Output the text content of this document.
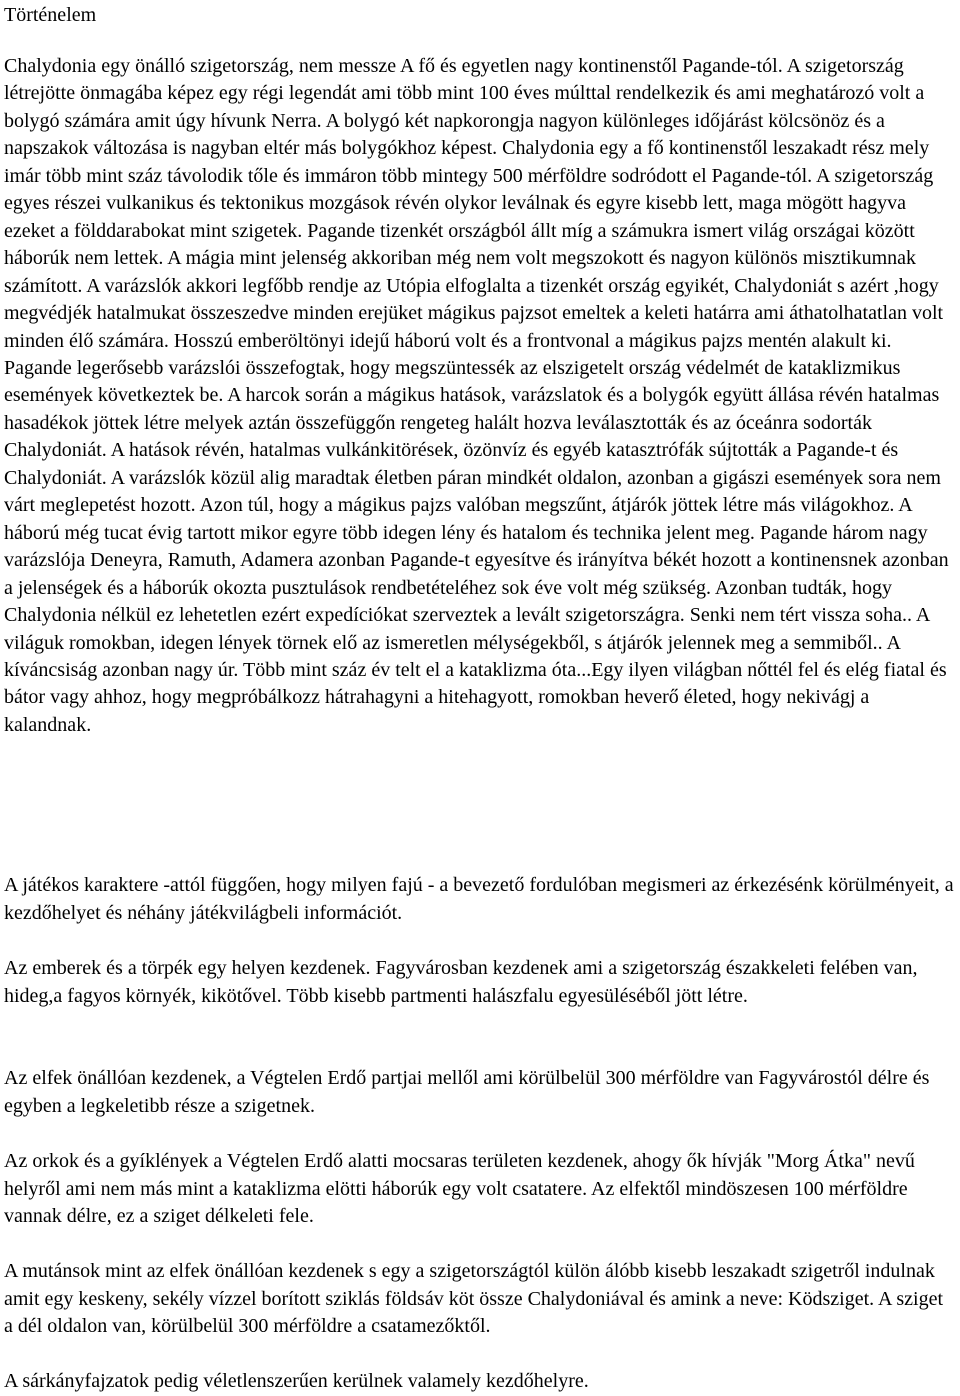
Történelem

Chalydonia egy önálló szigetország, nem messze A fő és egyetlen nagy kontinenstől Pagande-tól. A szigetország létrejötte önmagába képez egy régi legendát ami több mint 100 éves múlttal rendelkezik és ami meghatározó volt a bolygó számára amit úgy hívunk Nerra. A bolygó két napkorongja nagyon különleges időjárást kölcsönöz és a napszakok változása is nagyban eltér más bolygókhoz képest. Chalydonia egy a fő kontinenstől leszakadt rész mely imár több mint száz távolodik tőle és immáron több mintegy 500 mérföldre sodródott el Pagande-tól. A szigetország egyes részei vulkanikus és tektonikus mozgások révén olykor leválnak és egyre kisebb lett, maga mögött hagyva ezeket a földdarabokat mint szigetek. Pagande tizenkét országból állt míg a számukra ismert világ országai között háborúk nem lettek. A mágia mint jelenség akkoriban még nem volt megszokott és nagyon különös misztikumnak számított. A varázslók akkori legfőbb rendje az Utópia elfoglalta a tizenkét ország egyikét, Chalydoniát s azért ,hogy megvédjék hatalmukat összeszedve minden erejüket mágikus pajzsot emeltek a keleti határra ami áthatolhatatlan volt minden élő számára. Hosszú emberöltönyi idejű háború volt és a frontvonal a mágikus pajzs mentén alakult ki. Pagande legerősebb varázslói összefogtak, hogy megszüntessék az elszigetelt ország védelmét de kataklizmikus események következtek be. A harcok során a mágikus hatások, varázslatok és a bolygók együtt állása révén hatalmas hasadékok jöttek létre melyek aztán összefüggőn rengeteg halált hozva leválasztották és az óceánra sodorták Chalydoniát. A hatások révén, hatalmas vulkánkitörések, özönvíz és egyéb katasztrófák sújtották a Pagande-t és Chalydoniát. A varázslók közül alig maradtak életben páran mindkét oldalon, azonban a gigászi események sora nem várt meglepetést hozott. Azon túl, hogy a mágikus pajzs valóban megszűnt, átjárók jöttek létre más világokhoz. A háború még tucat évig tartott mikor egyre több idegen lény és hatalom és technika jelent meg. Pagande három nagy varázslója Deneyra, Ramuth, Adamera azonban Pagande-t egyesítve és irányítva békét hozott a kontinensnek azonban a jelenségek és a háborúk okozta pusztulások rendbetételéhez sok éve volt még szükség. Azonban tudták, hogy Chalydonia nélkül ez lehetetlen ezért expedíciókat szerveztek a levált szigetországra. Senki nem tért vissza soha.. A világuk romokban, idegen lények törnek elő az ismeretlen mélységekből, s átjárók jelennek meg a semmiből.. A kíváncsiság azonban nagy úr. Több mint száz év telt el a kataklizma óta...Egy ilyen világban nőttél fel és elég fiatal és bátor vagy ahhoz, hogy megpróbálkozz hátrahagyni a hitehagyott, romokban heverő életed, hogy nekivágj a kalandnak.

A játékos karaktere -attól függően, hogy milyen fajú - a bevezető fordulóban megismeri az érkezésénk körülményeit, a kezdőhelyet és néhány játékvilágbeli információt.

Az emberek és a törpék egy helyen kezdenek. Fagyvárosban kezdenek ami a szigetország északkeleti felében van, hideg,a fagyos környék, kikötővel. Több kisebb partmenti halászfalu egyesüléséből jött létre.

Az elfek önállóan kezdenek, a Végtelen Erdő partjai mellől ami körülbelül 300 mérföldre van Fagyvárostól délre és egyben a legkeletibb része a szigetnek.

Az orkok és a gyíklények a Végtelen Erdő alatti mocsaras területen kezdenek, ahogy ők hívják "Morg Átka" nevű helyről ami nem más mint a kataklizma elötti háborúk egy volt csatatere. Az elfektől mindöszesen 100 mérföldre vannak délre, ez a sziget délkeleti fele.

A mutánsok mint az elfek önállóan kezdenek s egy a szigetországtól külön álóbb kisebb leszakadt szigetről indulnak amit egy keskeny, sekély vízzel borított sziklás földsáv köt össze Chalydoniával és amink a neve: Ködsziget. A sziget a dél oldalon van, körülbelül 300 mérföldre a csatamezőktől.

A sárkányfajzatok pedig véletlenszerűen kerülnek valamely kezdőhelyre.
